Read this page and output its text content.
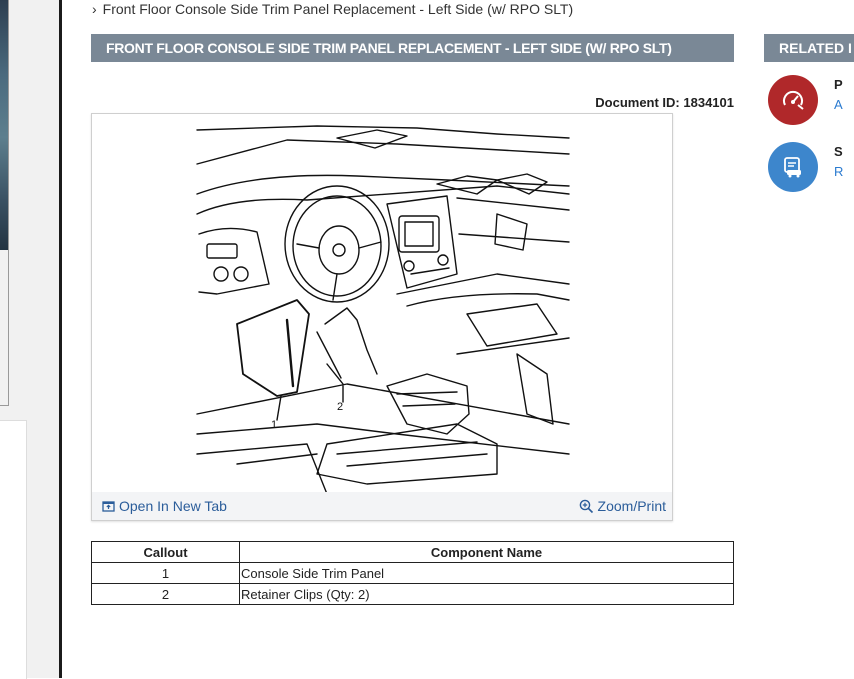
› Front Floor Console Side Trim Panel Replacement - Left Side (w/ RPO SLT)
FRONT FLOOR CONSOLE SIDE TRIM PANEL REPLACEMENT - LEFT SIDE (W/ RPO SLT)	RELATED I
Document ID: 1834101
1
2
Open In New Tab	Zoom/Print
Callout	Component Name
1	Console Side Trim Panel
2	Retainer Clips (Qty: 2)
P
A
S
R
